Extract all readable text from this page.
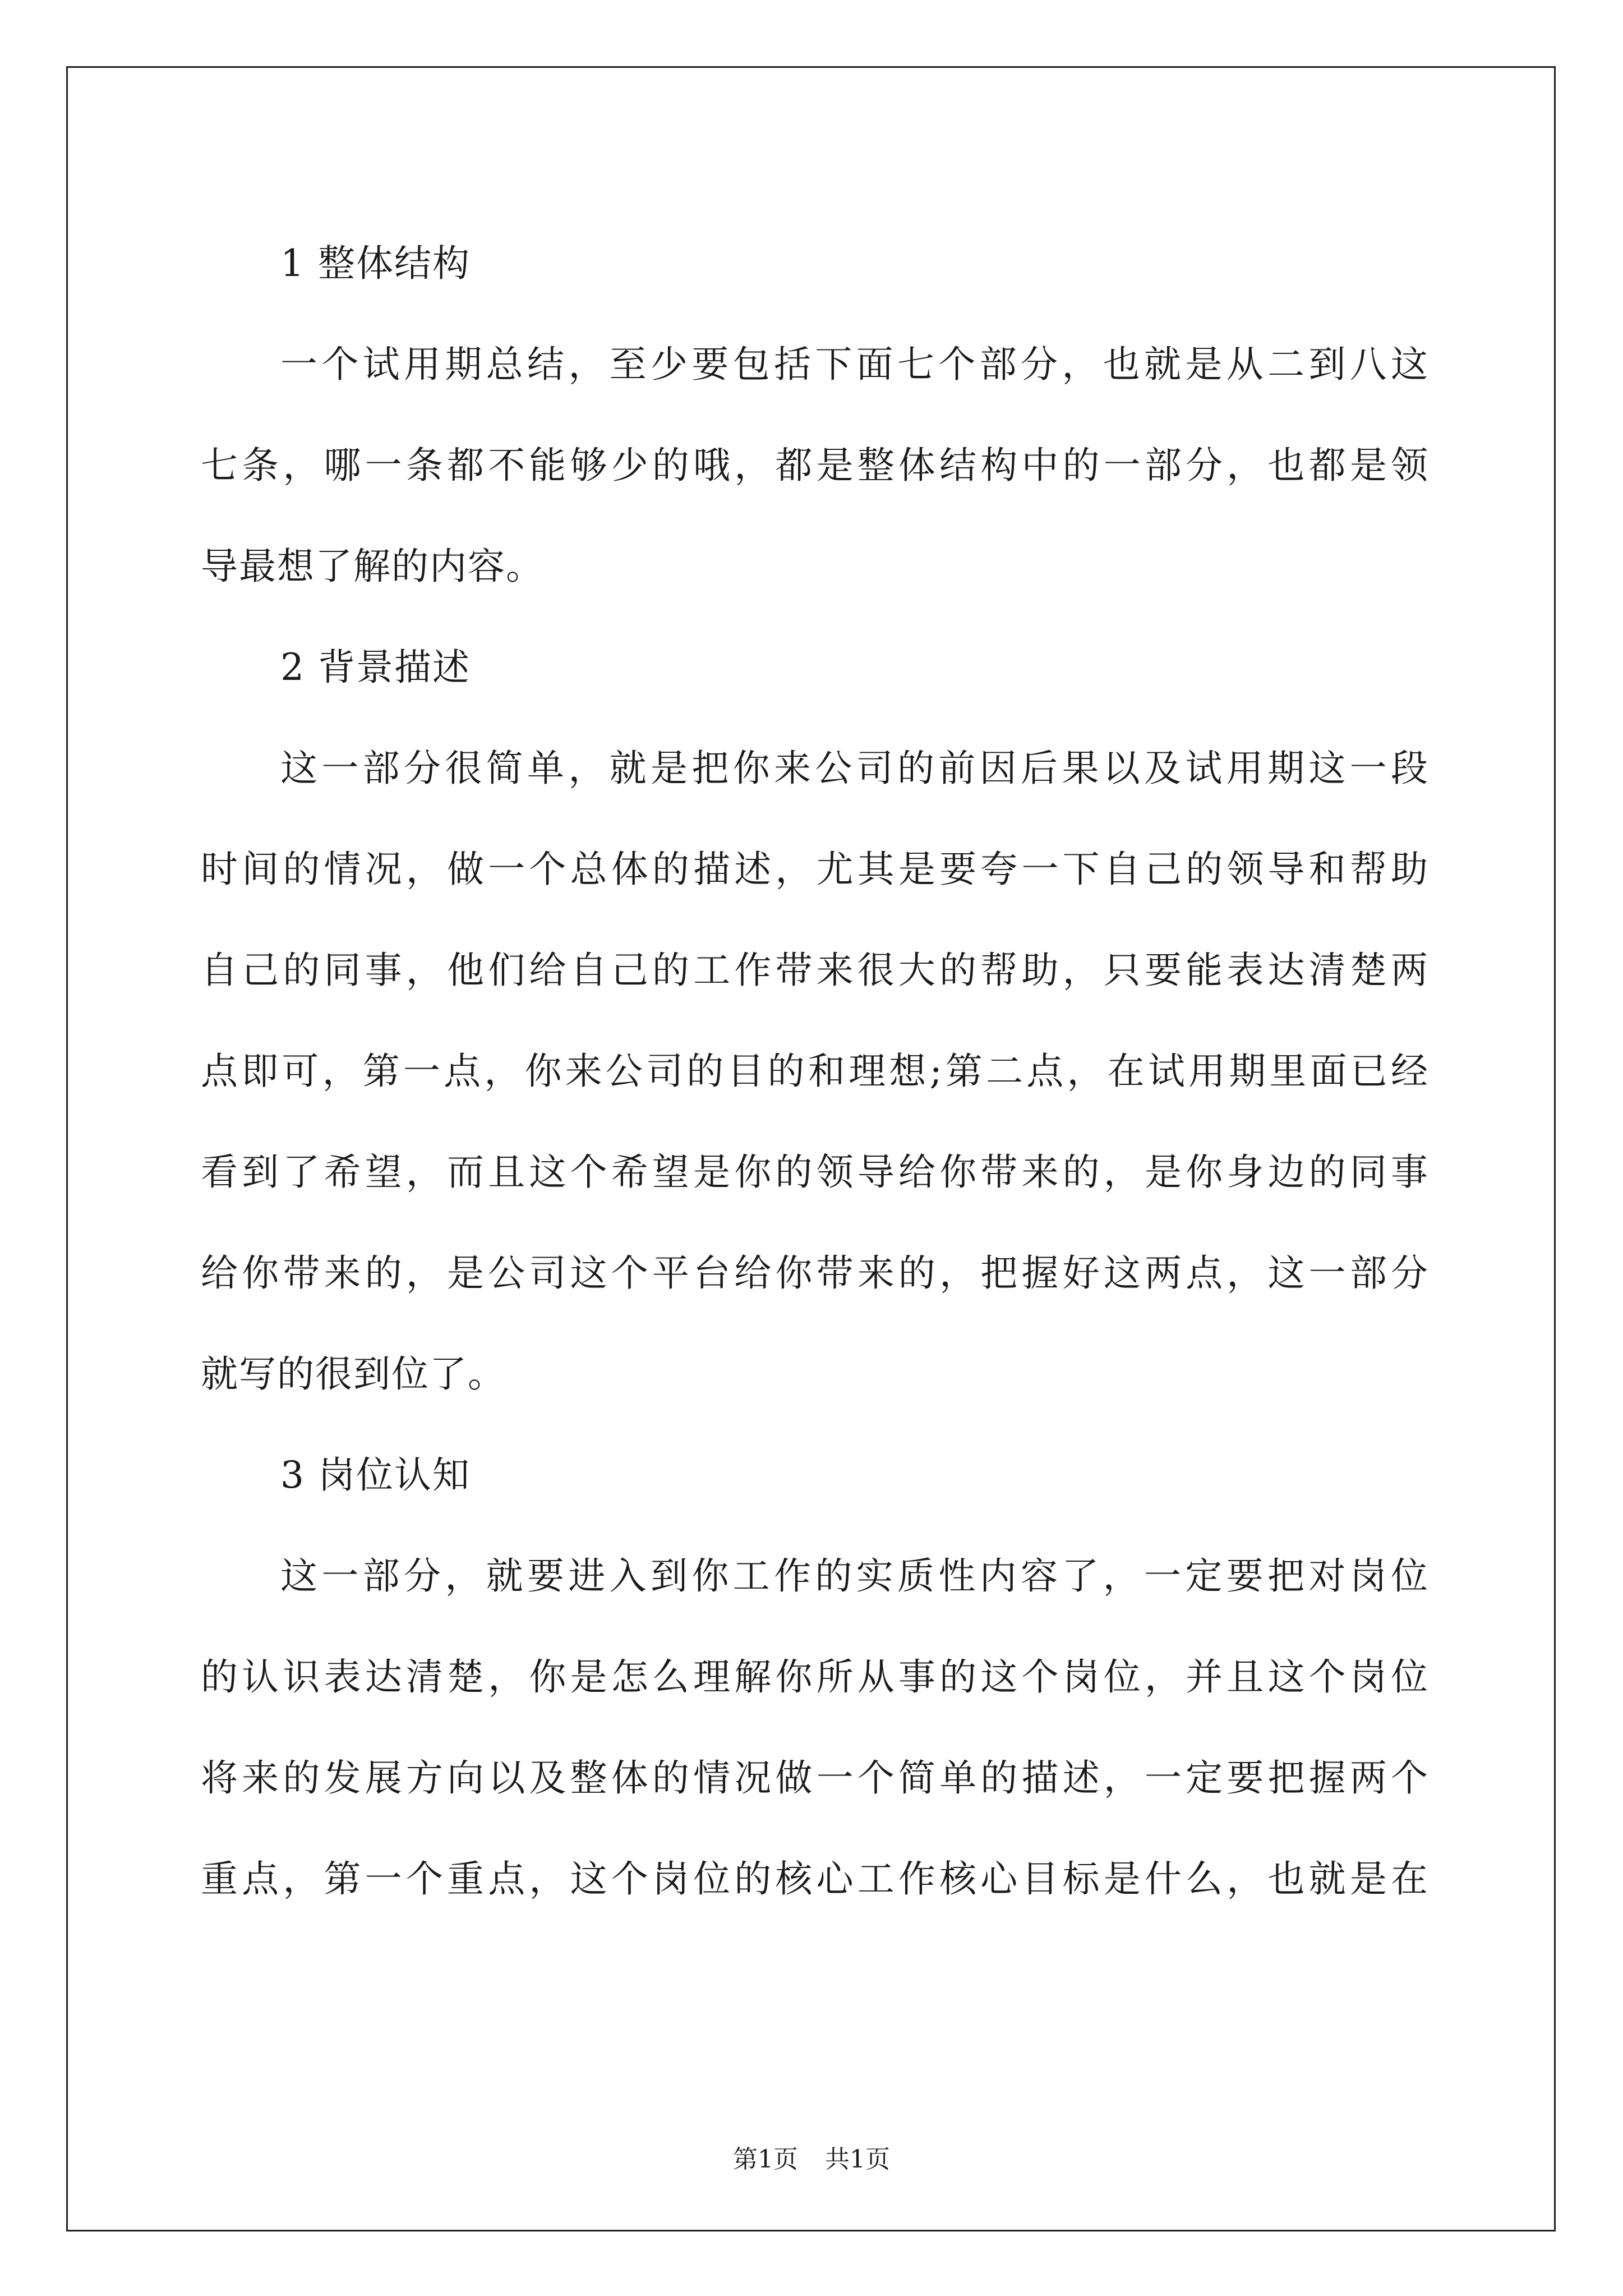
1 整体结构

一个试用期总结，至少要包括下面七个部分，也就是从二到八这

七条，哪一条都不能够少的哦，都是整体结构中的一部分，也都是领

导最想了解的内容。

2 背景描述

这一部分很简单，就是把你来公司的前因后果以及试用期这一段

时间的情况，做一个总体的描述，尤其是要夸一下自己的领导和帮助

自己的同事，他们给自己的工作带来很大的帮助，只要能表达清楚两

点即可，第一点，你来公司的目的和理想;第二点，在试用期里面已经

看到了希望，而且这个希望是你的领导给你带来的，是你身边的同事

给你带来的，是公司这个平台给你带来的，把握好这两点，这一部分

就写的很到位了。

3 岗位认知

这一部分，就要进入到你工作的实质性内容了，一定要把对岗位

的认识表达清楚，你是怎么理解你所从事的这个岗位，并且这个岗位

将来的发展方向以及整体的情况做一个简单的描述，一定要把握两个

重点，第一个重点，这个岗位的核心工作核心目标是什么，也就是在

第1页 共1页
